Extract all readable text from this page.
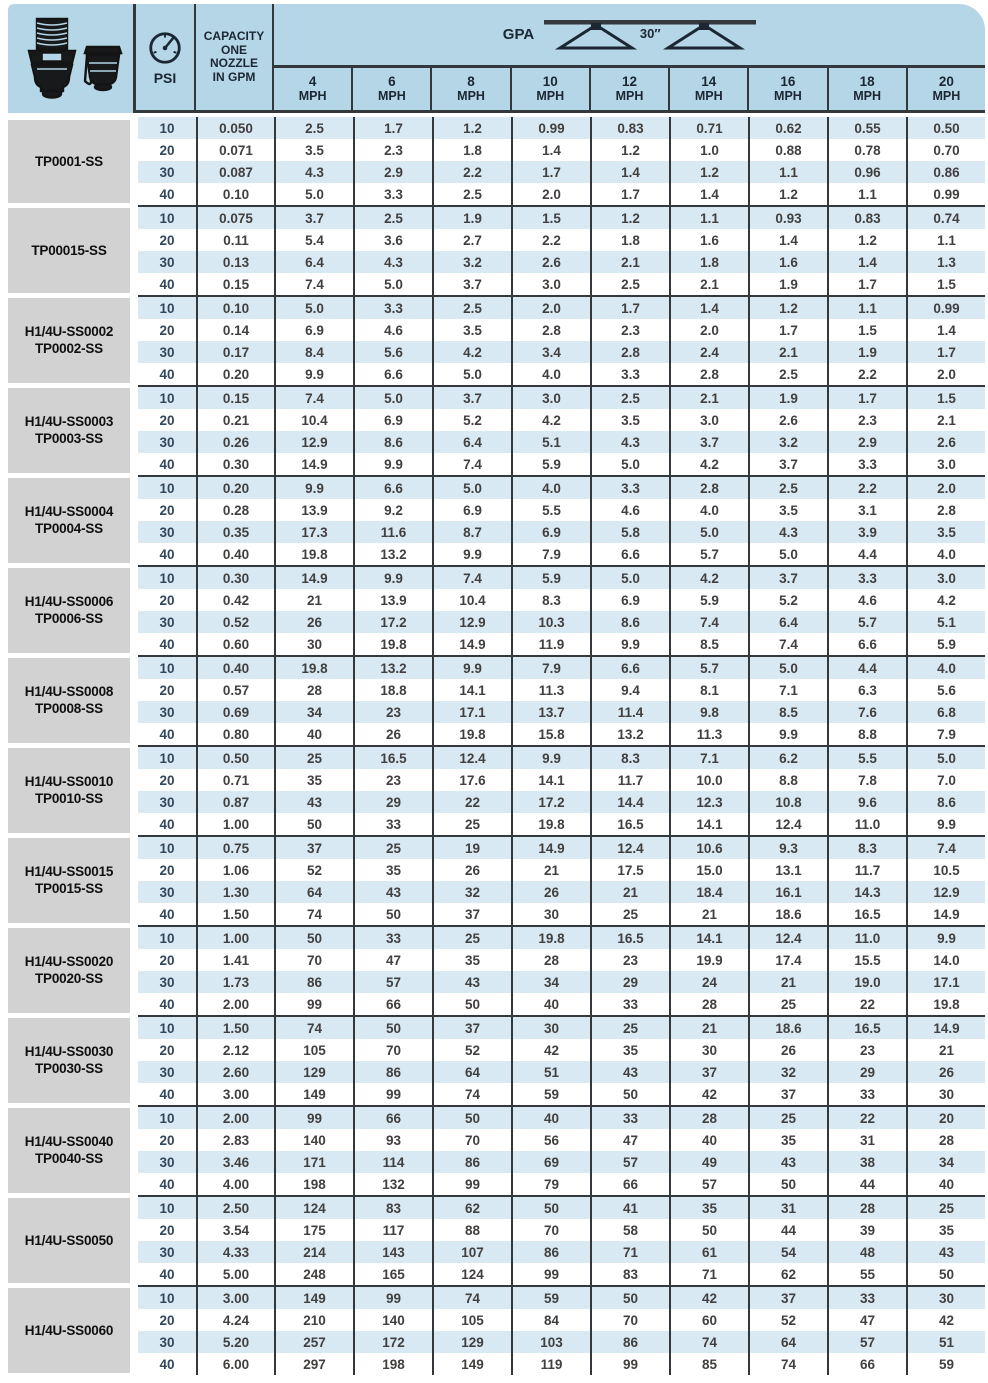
PSI
CAPACITY
ONE
NOZZLE
IN GPM
GPA	30″
4
MPH
6
MPH
8
MPH
10
MPH
12
MPH
14
MPH
16
MPH
18
MPH
20
MPH
TP0001-SS
10	0.050	2.5	1.7	1.2	0.99	0.83	0.71	0.62	0.55	0.50
20	0.071	3.5	2.3	1.8	1.4	1.2	1.0	0.88	0.78	0.70
30	0.087	4.3	2.9	2.2	1.7	1.4	1.2	1.1	0.96	0.86
40	0.10	5.0	3.3	2.5	2.0	1.7	1.4	1.2	1.1	0.99
TP00015-SS
10	0.075	3.7	2.5	1.9	1.5	1.2	1.1	0.93	0.83	0.74
20	0.11	5.4	3.6	2.7	2.2	1.8	1.6	1.4	1.2	1.1
30	0.13	6.4	4.3	3.2	2.6	2.1	1.8	1.6	1.4	1.3
40	0.15	7.4	5.0	3.7	3.0	2.5	2.1	1.9	1.7	1.5
H1/4U-SS0002
TP0002-SS
10	0.10	5.0	3.3	2.5	2.0	1.7	1.4	1.2	1.1	0.99
20	0.14	6.9	4.6	3.5	2.8	2.3	2.0	1.7	1.5	1.4
30	0.17	8.4	5.6	4.2	3.4	2.8	2.4	2.1	1.9	1.7
40	0.20	9.9	6.6	5.0	4.0	3.3	2.8	2.5	2.2	2.0
H1/4U-SS0003
TP0003-SS
10	0.15	7.4	5.0	3.7	3.0	2.5	2.1	1.9	1.7	1.5
20	0.21	10.4	6.9	5.2	4.2	3.5	3.0	2.6	2.3	2.1
30	0.26	12.9	8.6	6.4	5.1	4.3	3.7	3.2	2.9	2.6
40	0.30	14.9	9.9	7.4	5.9	5.0	4.2	3.7	3.3	3.0
H1/4U-SS0004
TP0004-SS
10	0.20	9.9	6.6	5.0	4.0	3.3	2.8	2.5	2.2	2.0
20	0.28	13.9	9.2	6.9	5.5	4.6	4.0	3.5	3.1	2.8
30	0.35	17.3	11.6	8.7	6.9	5.8	5.0	4.3	3.9	3.5
40	0.40	19.8	13.2	9.9	7.9	6.6	5.7	5.0	4.4	4.0
H1/4U-SS0006
TP0006-SS
10	0.30	14.9	9.9	7.4	5.9	5.0	4.2	3.7	3.3	3.0
20	0.42	21	13.9	10.4	8.3	6.9	5.9	5.2	4.6	4.2
30	0.52	26	17.2	12.9	10.3	8.6	7.4	6.4	5.7	5.1
40	0.60	30	19.8	14.9	11.9	9.9	8.5	7.4	6.6	5.9
H1/4U-SS0008
TP0008-SS
10	0.40	19.8	13.2	9.9	7.9	6.6	5.7	5.0	4.4	4.0
20	0.57	28	18.8	14.1	11.3	9.4	8.1	7.1	6.3	5.6
30	0.69	34	23	17.1	13.7	11.4	9.8	8.5	7.6	6.8
40	0.80	40	26	19.8	15.8	13.2	11.3	9.9	8.8	7.9
H1/4U-SS0010
TP0010-SS
10	0.50	25	16.5	12.4	9.9	8.3	7.1	6.2	5.5	5.0
20	0.71	35	23	17.6	14.1	11.7	10.0	8.8	7.8	7.0
30	0.87	43	29	22	17.2	14.4	12.3	10.8	9.6	8.6
40	1.00	50	33	25	19.8	16.5	14.1	12.4	11.0	9.9
H1/4U-SS0015
TP0015-SS
10	0.75	37	25	19	14.9	12.4	10.6	9.3	8.3	7.4
20	1.06	52	35	26	21	17.5	15.0	13.1	11.7	10.5
30	1.30	64	43	32	26	21	18.4	16.1	14.3	12.9
40	1.50	74	50	37	30	25	21	18.6	16.5	14.9
H1/4U-SS0020
TP0020-SS
10	1.00	50	33	25	19.8	16.5	14.1	12.4	11.0	9.9
20	1.41	70	47	35	28	23	19.9	17.4	15.5	14.0
30	1.73	86	57	43	34	29	24	21	19.0	17.1
40	2.00	99	66	50	40	33	28	25	22	19.8
H1/4U-SS0030
TP0030-SS
10	1.50	74	50	37	30	25	21	18.6	16.5	14.9
20	2.12	105	70	52	42	35	30	26	23	21
30	2.60	129	86	64	51	43	37	32	29	26
40	3.00	149	99	74	59	50	42	37	33	30
H1/4U-SS0040
TP0040-SS
10	2.00	99	66	50	40	33	28	25	22	20
20	2.83	140	93	70	56	47	40	35	31	28
30	3.46	171	114	86	69	57	49	43	38	34
40	4.00	198	132	99	79	66	57	50	44	40
H1/4U-SS0050
10	2.50	124	83	62	50	41	35	31	28	25
20	3.54	175	117	88	70	58	50	44	39	35
30	4.33	214	143	107	86	71	61	54	48	43
40	5.00	248	165	124	99	83	71	62	55	50
H1/4U-SS0060
10	3.00	149	99	74	59	50	42	37	33	30
20	4.24	210	140	105	84	70	60	52	47	42
30	5.20	257	172	129	103	86	74	64	57	51
40	6.00	297	198	149	119	99	85	74	66	59
